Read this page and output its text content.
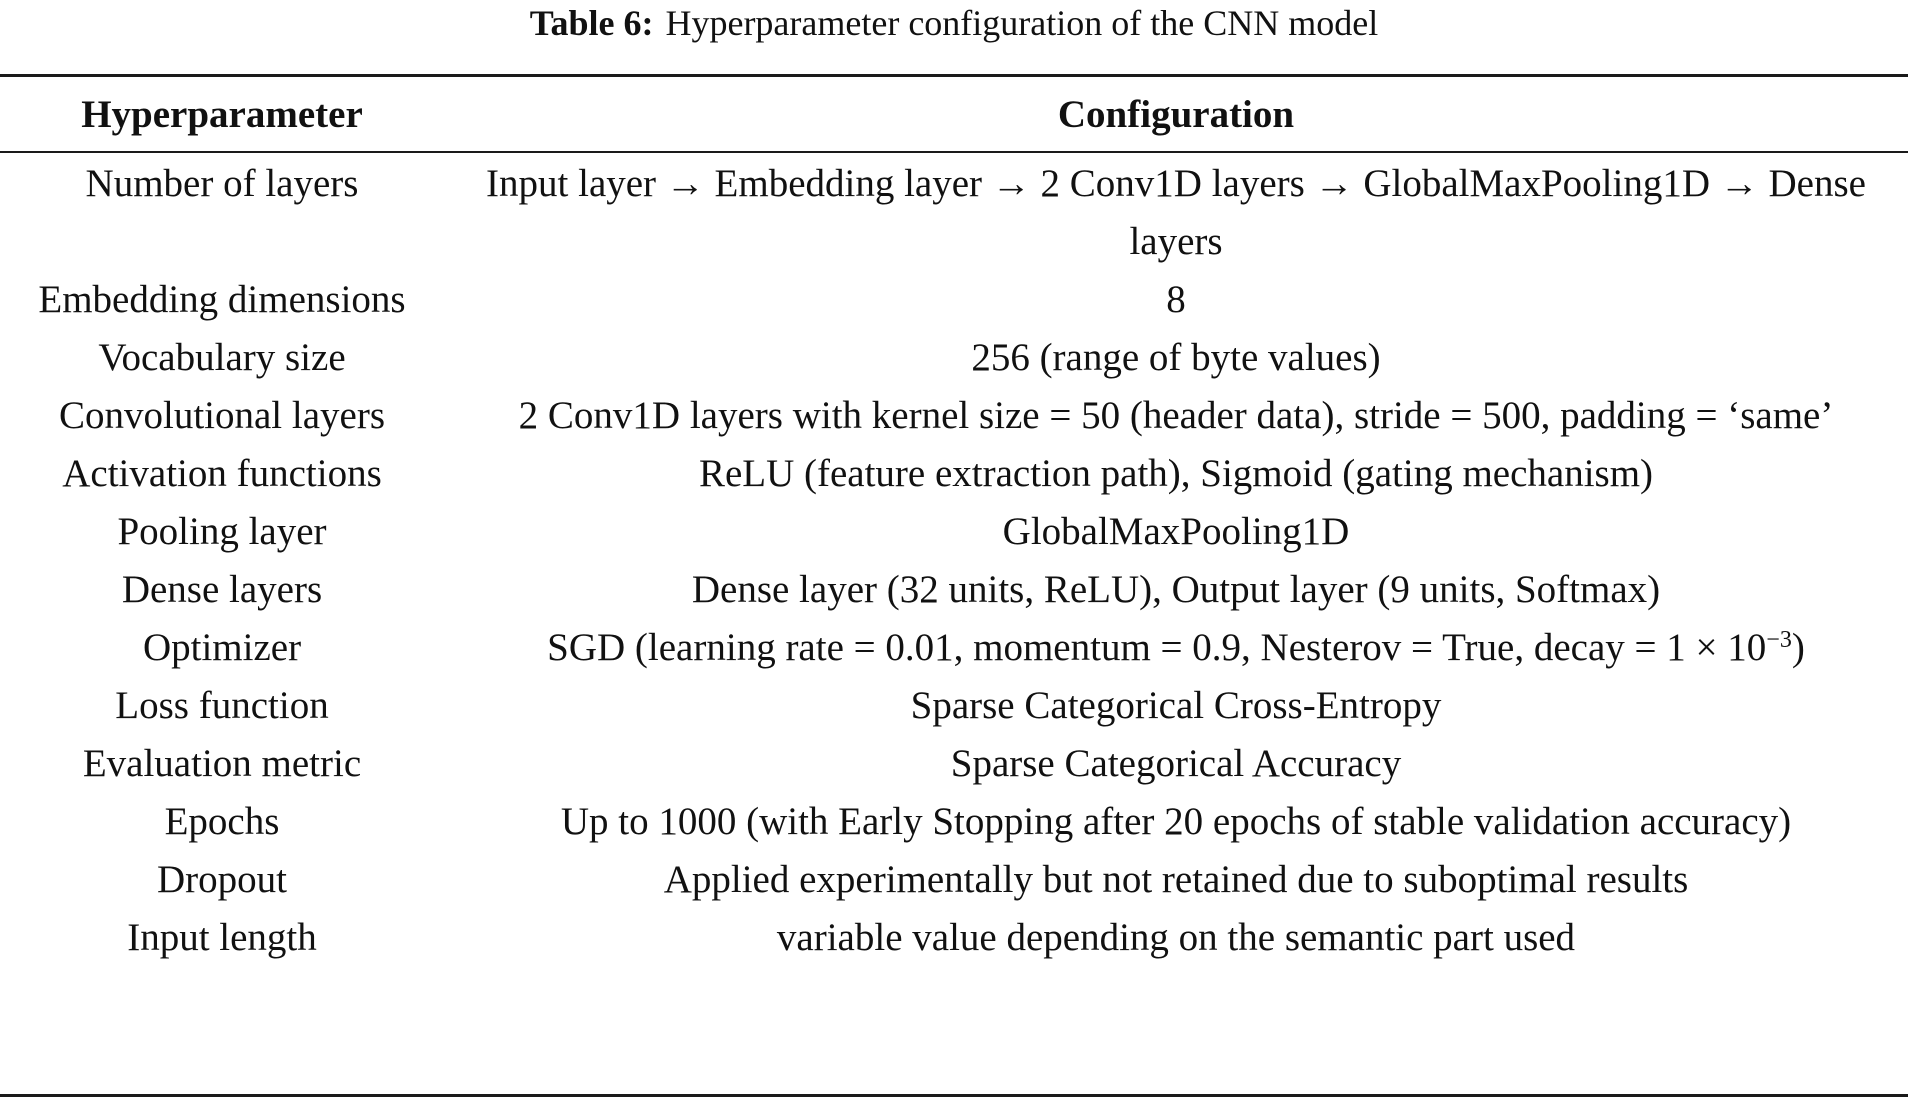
Table 6: Hyperparameter configuration of the CNN model
Hyperparameter	Configuration
Number of layers	Input layer → Embedding layer → 2 Conv1D layers → GlobalMaxPooling1D → Dense layers
Embedding dimensions	8
Vocabulary size	256 (range of byte values)
Convolutional layers	2 Conv1D layers with kernel size = 50 (header data), stride = 500, padding = ‘same’
Activation functions	ReLU (feature extraction path), Sigmoid (gating mechanism)
Pooling layer	GlobalMaxPooling1D
Dense layers	Dense layer (32 units, ReLU), Output layer (9 units, Softmax)
Optimizer	SGD (learning rate = 0.01, momentum = 0.9, Nesterov = True, decay = $1 \times 10^{-3}$)
Loss function	Sparse Categorical Cross-Entropy
Evaluation metric	Sparse Categorical Accuracy
Epochs	Up to 1000 (with Early Stopping after 20 epochs of stable validation accuracy)
Dropout	Applied experimentally but not retained due to suboptimal results
Input length	variable value depending on the semantic part used
